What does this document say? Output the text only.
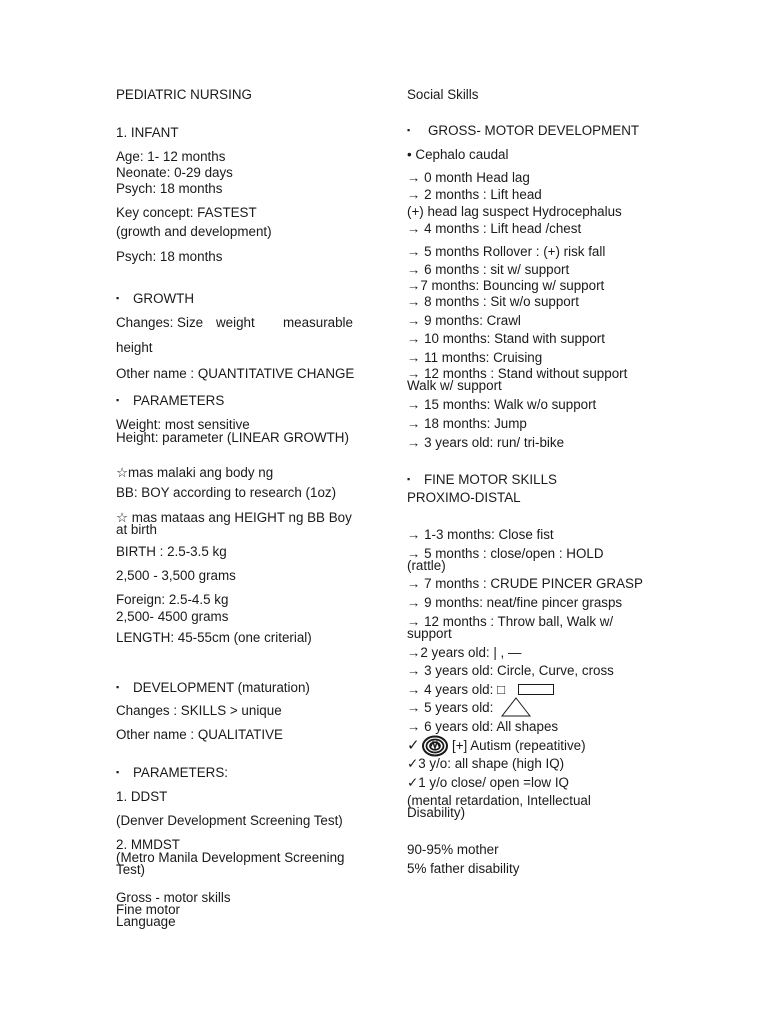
PEDIATRIC NURSING
1. INFANT
Age: 1- 12 months
Neonate: 0-29 days
Psych: 18 months
Key concept: FASTEST
(growth and development)
Psych: 18 months
▪ GROWTH
Changes: Size weight measurable
height
Other name : QUANTITATIVE CHANGE
▪ PARAMETERS
Weight: most sensitive
Height: parameter (LINEAR GROWTH)
☆mas malaki ang body ng
BB: BOY according to research (1oz)
☆ mas mataas ang HEIGHT ng BB Boy
at birth
BIRTH : 2.5-3.5 kg
2,500 - 3,500 grams
Foreign: 2.5-4.5 kg
2,500- 4500 grams
LENGTH: 45-55cm (one criterial)
▪ DEVELOPMENT (maturation)
Changes : SKILLS > unique
Other name : QUALITATIVE
▪ PARAMETERS:
1. DDST
(Denver Development Screening Test)
2. MMDST
(Metro Manila Development Screening
Test)
Gross - motor skills
Fine motor
Language
Social Skills
▪ GROSS- MOTOR DEVELOPMENT
• Cephalo caudal
→ 0 month Head lag
→ 2 months : Lift head
(+) head lag suspect Hydrocephalus
→ 4 months : Lift head /chest
→ 5 months Rollover : (+) risk fall
→ 6 months : sit w/ support
→7 months: Bouncing w/ support
→ 8 months : Sit w/o support
→ 9 months: Crawl
→ 10 months: Stand with support
→ 11 months: Cruising
→ 12 months : Stand without support
Walk w/ support
→ 15 months: Walk w/o support
→ 18 months: Jump
→ 3 years old: run/ tri-bike
▪ FINE MOTOR SKILLS
PROXIMO-DISTAL
→ 1-3 months: Close fist
→ 5 months : close/open : HOLD
(rattle)
→ 7 months : CRUDE PINCER GRASP
→ 9 months: neat/fine pincer grasps
→ 12 months : Throw ball, Walk w/
support
→2 years old: | , —
→ 3 years old: Circle, Curve, cross
→ 4 years old: □
→ 5 years old:
→ 6 years old: All shapes
✓ [+] Autism (repeatitive)
✓3 y/o: all shape (high IQ)
✓1 y/o close/ open =low IQ
(mental retardation, Intellectual
Disability)
90-95% mother
5% father disability
